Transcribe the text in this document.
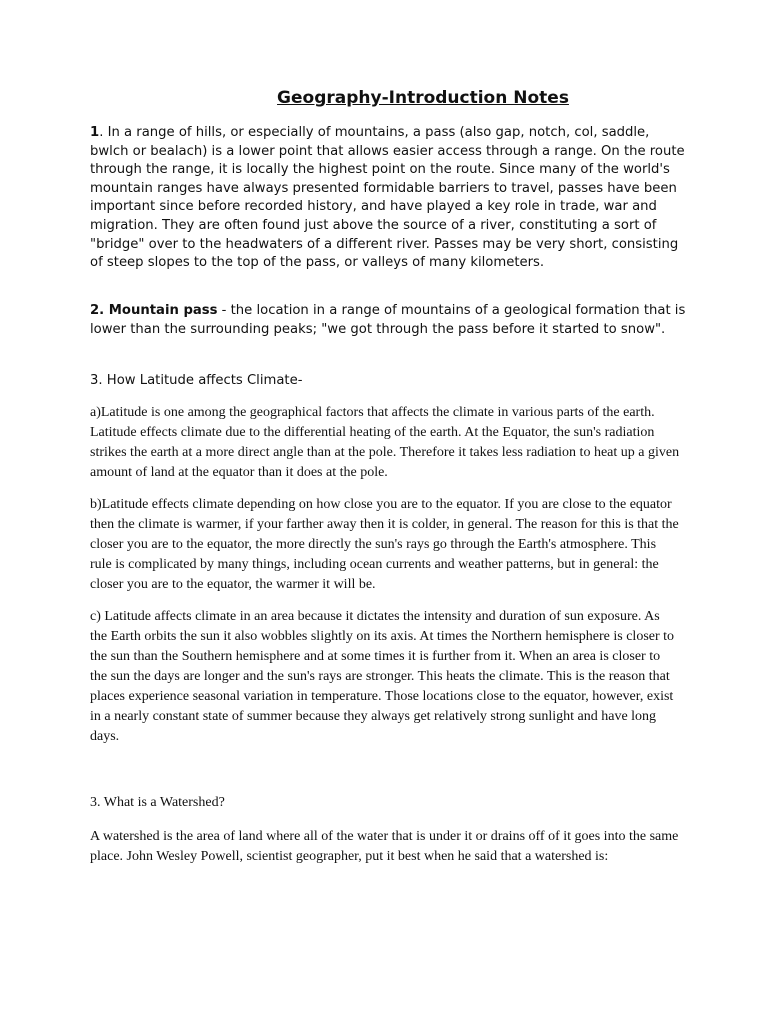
Geography-Introduction Notes

1. In a range of hills, or especially of mountains, a pass (also gap, notch, col, saddle, bwlch or bealach) is a lower point that allows easier access through a range. On the route through the range, it is locally the highest point on the route. Since many of the world's mountain ranges have always presented formidable barriers to travel, passes have been important since before recorded history, and have played a key role in trade, war and migration. They are often found just above the source of a river, constituting a sort of "bridge" over to the headwaters of a different river. Passes may be very short, consisting of steep slopes to the top of the pass, or valleys of many kilometers.

2. Mountain pass - the location in a range of mountains of a geological formation that is lower than the surrounding peaks; "we got through the pass before it started to snow".

3. How Latitude affects Climate-

a)Latitude is one among the geographical factors that affects the climate in various parts of the earth. Latitude effects climate due to the differential heating of the earth. At the Equator, the sun's radiation strikes the earth at a more direct angle than at the pole. Therefore it takes less radiation to heat up a given amount of land at the equator than it does at the pole.

b)Latitude effects climate depending on how close you are to the equator. If you are close to the equator then the climate is warmer, if your farther away then it is colder, in general. The reason for this is that the closer you are to the equator, the more directly the sun's rays go through the Earth's atmosphere. This rule is complicated by many things, including ocean currents and weather patterns, but in general: the closer you are to the equator, the warmer it will be.

c) Latitude affects climate in an area because it dictates the intensity and duration of sun exposure. As the Earth orbits the sun it also wobbles slightly on its axis. At times the Northern hemisphere is closer to the sun than the Southern hemisphere and at some times it is further from it. When an area is closer to the sun the days are longer and the sun's rays are stronger. This heats the climate. This is the reason that places experience seasonal variation in temperature. Those locations close to the equator, however, exist in a nearly constant state of summer because they always get relatively strong sunlight and have long days.

3. What is a Watershed?

A watershed is the area of land where all of the water that is under it or drains off of it goes into the same place. John Wesley Powell, scientist geographer, put it best when he said that a watershed is:
